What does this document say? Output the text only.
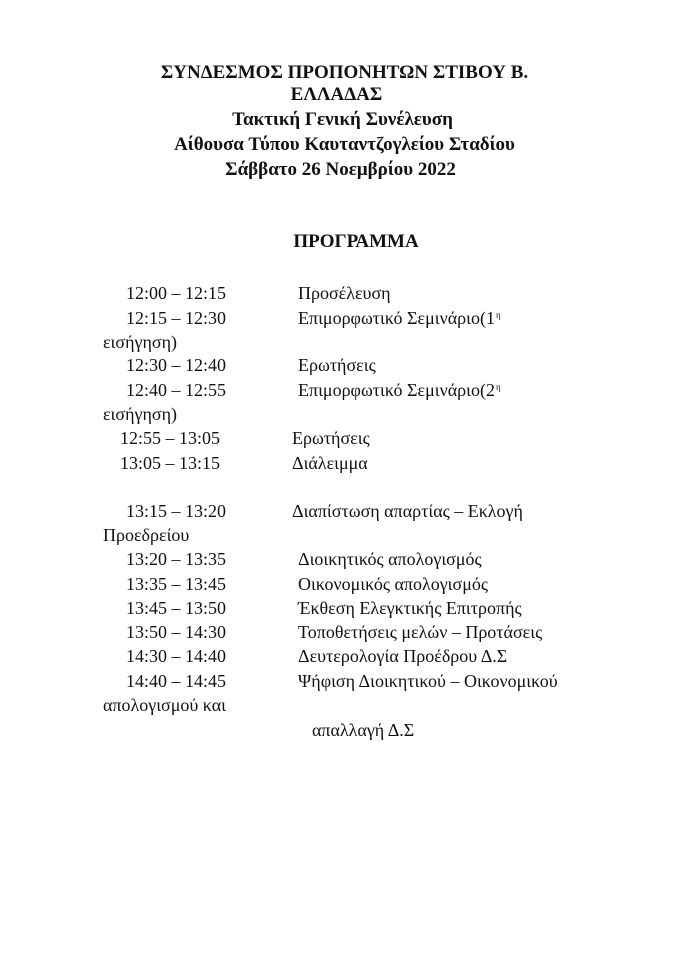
ΣΥΝΔΕΣΜΟΣ ΠΡΟΠΟΝΗΤΩΝ ΣΤΙΒΟΥ Β.
ΕΛΛΑΔΑΣ
Τακτική Γενική Συνέλευση
Αίθουσα Τύπου Καυταντζογλείου Σταδίου
Σάββατο 26 Νοεμβρίου 2022
ΠΡΟΓΡΑΜΜΑ
12:00 – 12:15	Προσέλευση
12:15 – 12:30	Επιμορφωτικό $\Sigma\varepsilon\mu\iota\nu ά\rho\iota o(1^\eta$
εισήγηση)
12:30 – 12:40	Ερωτήσεις
12:40 – 12:55	Επιμορφωτικό $\Sigma\varepsilon\mu\iota\nu ά\rho\iota o(2^\eta$
εισήγηση)
12:55 – 13:05	Ερωτήσεις
13:05 – 13:15	Διάλειμμα
13:15 – 13:20	Διαπίστωση απαρτίας – Εκλογή
Προεδρείου
13:20 – 13:35	Διοικητικός απολογισμός
13:35 – 13:45	Οικονομικός απολογισμός
13:45 – 13:50	Έκθεση Ελεγκτικής Επιτροπής
13:50 – 14:30	Τοποθετήσεις μελών – Προτάσεις
14:30 – 14:40	Δευτερολογία Προέδρου Δ.Σ
14:40 – 14:45	Ψήφιση Διοικητικού – Οικονομικού
απολογισμού και
απαλλαγή Δ.Σ
